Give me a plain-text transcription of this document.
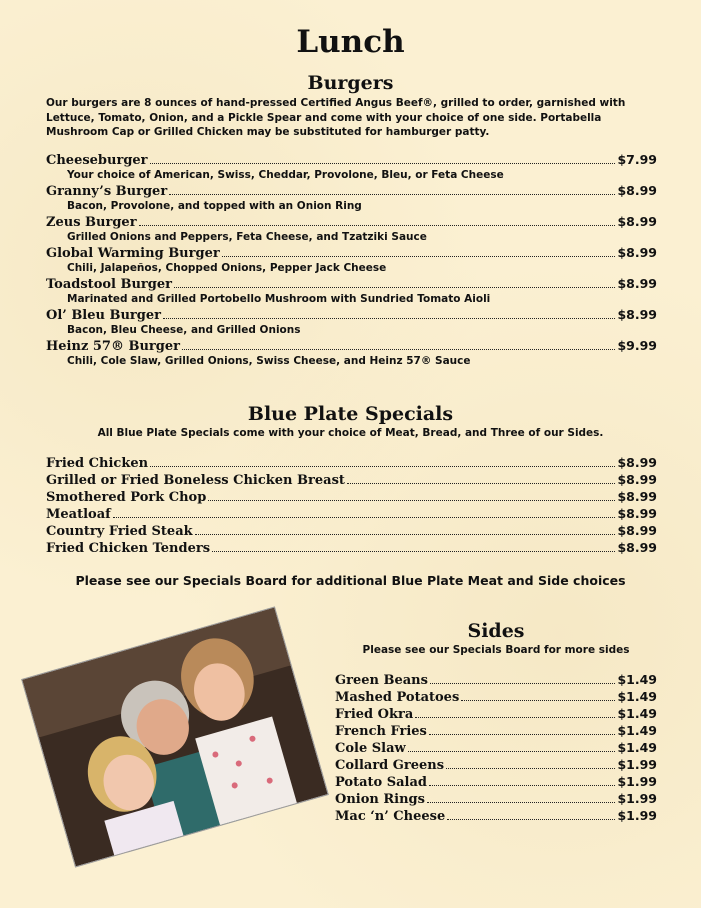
Lunch
Burgers
Our burgers are 8 ounces of hand-pressed Certified Angus Beef®, grilled to order, garnished with Lettuce, Tomato, Onion, and a Pickle Spear and come with your choice of one side. Portabella Mushroom Cap or Grilled Chicken may be substituted for hamburger patty.
Cheeseburger	$7.99
Your choice of American, Swiss, Cheddar, Provolone, Bleu, or Feta Cheese
Granny’s Burger	$8.99
Bacon, Provolone, and topped with an Onion Ring
Zeus Burger	$8.99
Grilled Onions and Peppers, Feta Cheese, and Tzatziki Sauce
Global Warming Burger	$8.99
Chili, Jalapeños, Chopped Onions, Pepper Jack Cheese
Toadstool Burger	$8.99
Marinated and Grilled Portobello Mushroom with Sundried Tomato Aioli
Ol’ Bleu Burger	$8.99
Bacon, Bleu Cheese, and Grilled Onions
Heinz 57® Burger	$9.99
Chili, Cole Slaw, Grilled Onions, Swiss Cheese, and Heinz 57® Sauce
Blue Plate Specials
All Blue Plate Specials come with your choice of Meat, Bread, and Three of our Sides.
Fried Chicken	$8.99
Grilled or Fried Boneless Chicken Breast	$8.99
Smothered Pork Chop	$8.99
Meatloaf	$8.99
Country Fried Steak	$8.99
Fried Chicken Tenders	$8.99
Please see our Specials Board for additional Blue Plate Meat and Side choices
Sides
Please see our Specials Board for more sides
Green Beans	$1.49
Mashed Potatoes	$1.49
Fried Okra	$1.49
French Fries	$1.49
Cole Slaw	$1.49
Collard Greens	$1.99
Potato Salad	$1.99
Onion Rings	$1.99
Mac ‘n’ Cheese	$1.99
